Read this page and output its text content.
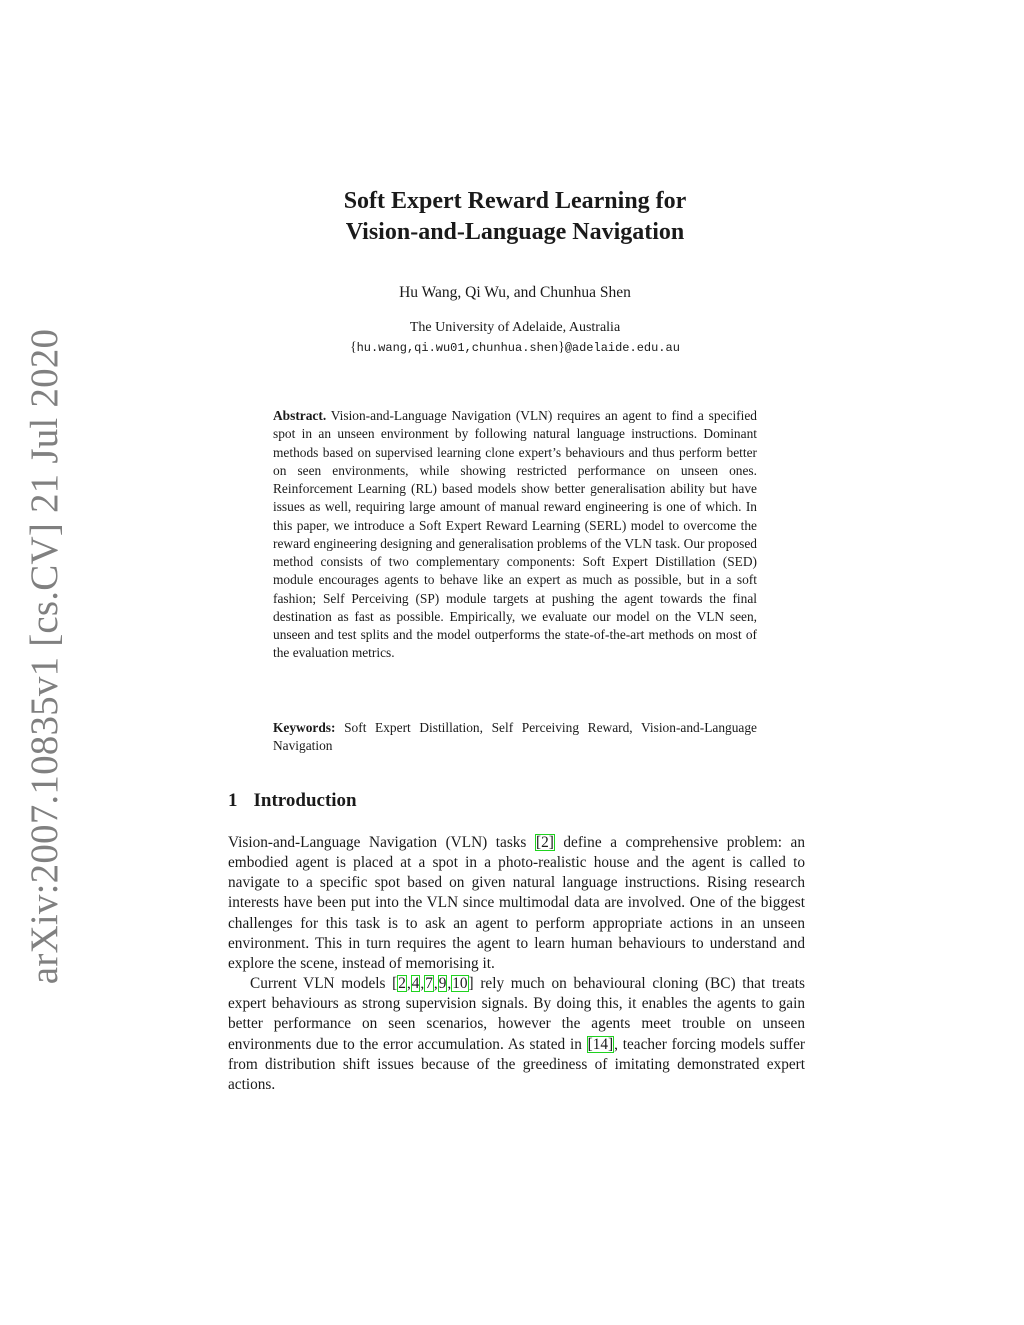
arXiv:2007.10835v1 [cs.CV] 21 Jul 2020
Soft Expert Reward Learning for
Vision-and-Language Navigation
Hu Wang, Qi Wu, and Chunhua Shen
The University of Adelaide, Australia
{hu.wang,qi.wu01,chunhua.shen}@adelaide.edu.au

Abstract. Vision-and-Language Navigation (VLN) requires an agent to find a specified spot in an unseen environment by following natural language instructions. Dominant methods based on supervised learning clone expert’s behaviours and thus perform better on seen environments, while showing restricted performance on unseen ones. Reinforcement Learning (RL) based models show better generalisation ability but have issues as well, requiring large amount of manual reward engineering is one of which. In this paper, we introduce a Soft Expert Reward Learning (SERL) model to overcome the reward engineering designing and generalisation problems of the VLN task. Our proposed method consists of two complementary components: Soft Expert Distillation (SED) module encourages agents to behave like an expert as much as possible, but in a soft fashion; Self Perceiving (SP) module targets at pushing the agent towards the final destination as fast as possible. Empirically, we evaluate our model on the VLN seen, unseen and test splits and the model outperforms the state-of-the-art methods on most of the evaluation metrics.

Keywords: Soft Expert Distillation, Self Perceiving Reward, Vision-and-Language Navigation

1 Introduction

Vision-and-Language Navigation (VLN) tasks [2] define a comprehensive problem: an embodied agent is placed at a spot in a photo-realistic house and the agent is called to navigate to a specific spot based on given natural language instructions. Rising research interests have been put into the VLN since multimodal data are involved. One of the biggest challenges for this task is to ask an agent to perform appropriate actions in an unseen environment. This in turn requires the agent to learn human behaviours to understand and explore the scene, instead of memorising it.

Current VLN models [2,4,7,9,10] rely much on behavioural cloning (BC) that treats expert behaviours as strong supervision signals. By doing this, it enables the agents to gain better performance on seen scenarios, however the agents meet trouble on unseen environments due to the error accumulation. As stated in [14], teacher forcing models suffer from distribution shift issues because of the greediness of imitating demonstrated expert actions.
